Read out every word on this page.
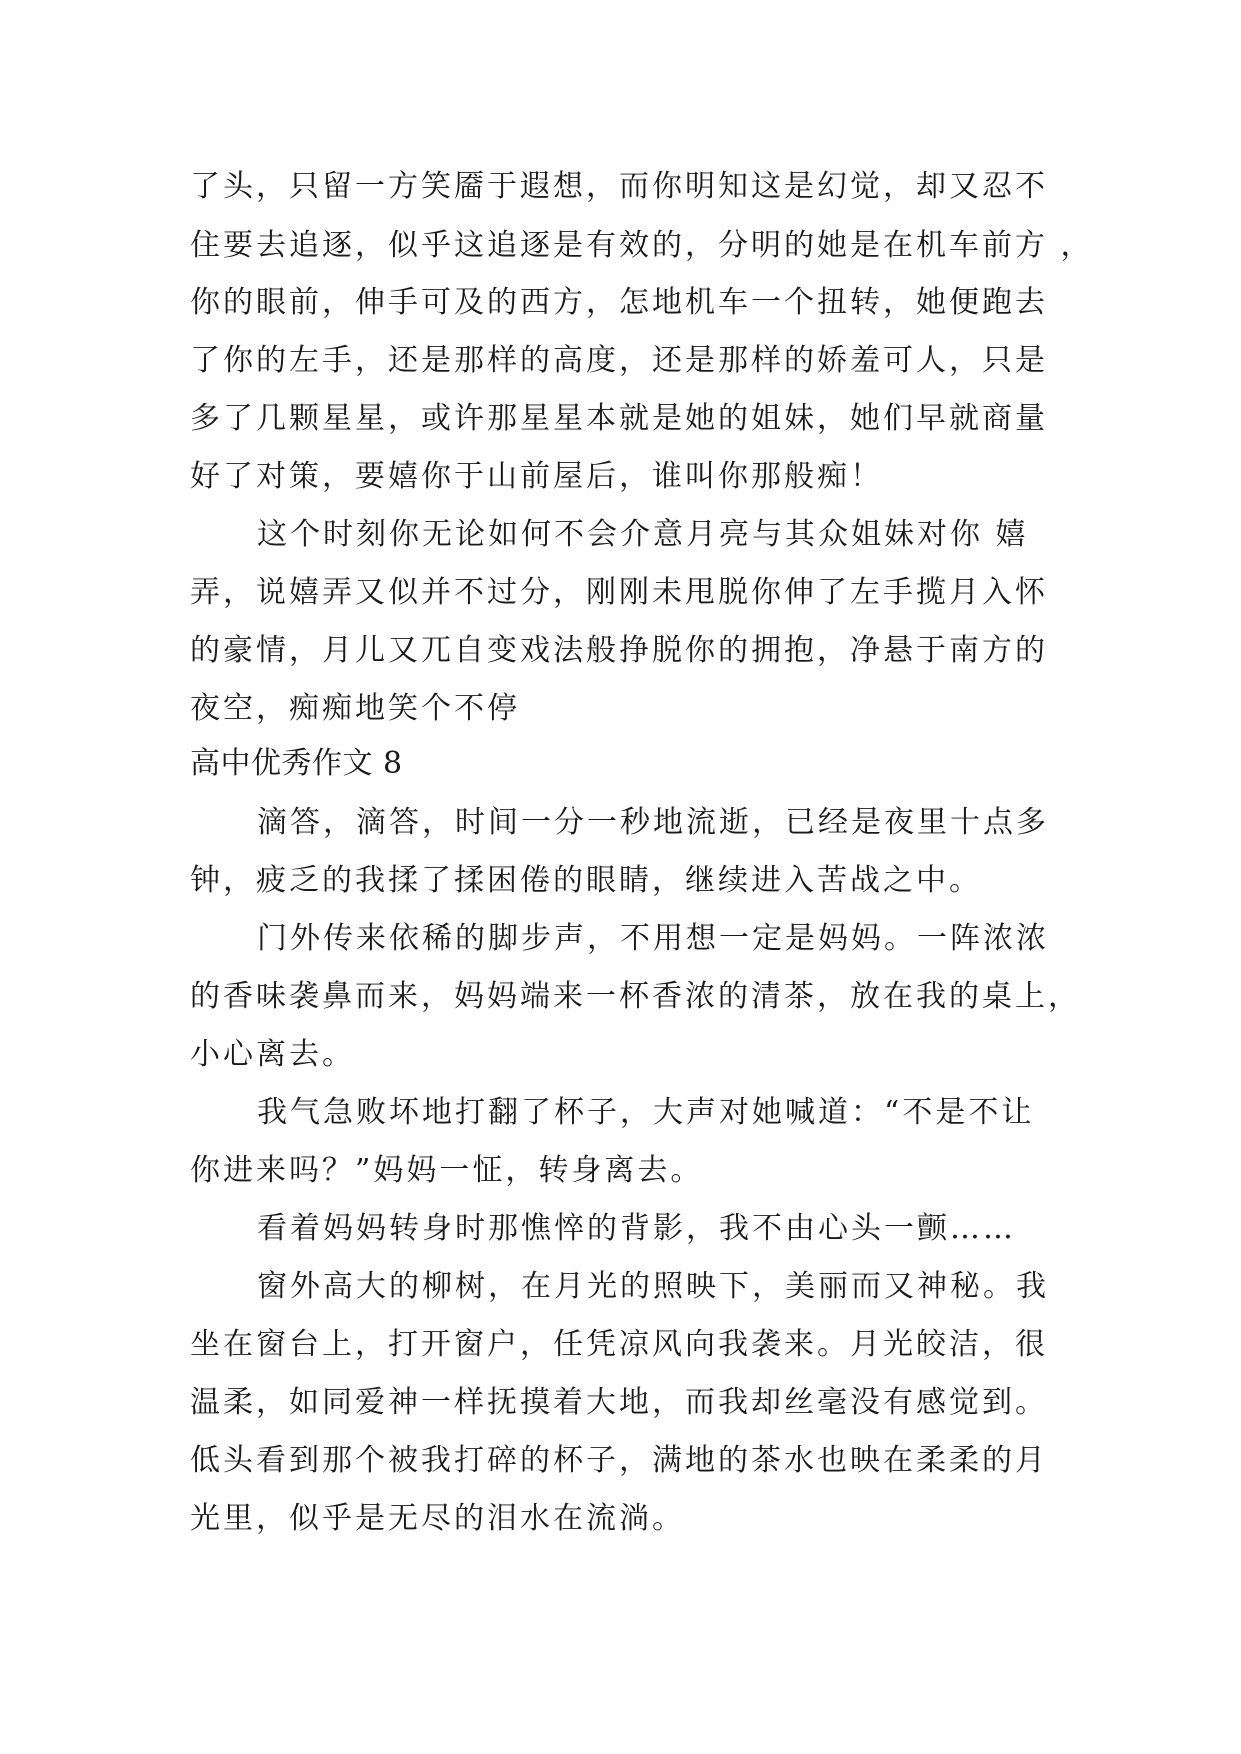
了头，只留一方笑靥于遐想，而你明知这是幻觉，却又忍不
住要去追逐，似乎这追逐是有效的，分明的她是在机车前方 ，
你的眼前，伸手可及的西方，怎地机车一个扭转，她便跑去
了你的左手，还是那样的高度，还是那样的娇羞可人，只是
多了几颗星星，或许那星星本就是她的姐妹，她们早就商量
好了对策，要嬉你于山前屋后，谁叫你那般痴！
这个时刻你无论如何不会介意月亮与其众姐妹对你 嬉
弄，说嬉弄又似并不过分，刚刚未甩脱你伸了左手揽月入怀
的豪情，月儿又兀自变戏法般挣脱你的拥抱，净悬于南方的
夜空，痴痴地笑个不停
高中优秀作文 8
滴答，滴答，时间一分一秒地流逝，已经是夜里十点多
钟，疲乏的我揉了揉困倦的眼睛，继续进入苦战之中。
门外传来依稀的脚步声，不用想一定是妈妈。一阵浓浓
的香味袭鼻而来，妈妈端来一杯香浓的清茶，放在我的桌上，
小心离去。
我气急败坏地打翻了杯子，大声对她喊道：“不是不让
你进来吗？”妈妈一怔，转身离去。
看着妈妈转身时那憔悴的背影，我不由心头一颤……
窗外高大的柳树，在月光的照映下，美丽而又神秘。我
坐在窗台上，打开窗户，任凭凉风向我袭来。月光皎洁，很
温柔，如同爱神一样抚摸着大地，而我却丝毫没有感觉到。
低头看到那个被我打碎的杯子，满地的茶水也映在柔柔的月
光里，似乎是无尽的泪水在流淌。
